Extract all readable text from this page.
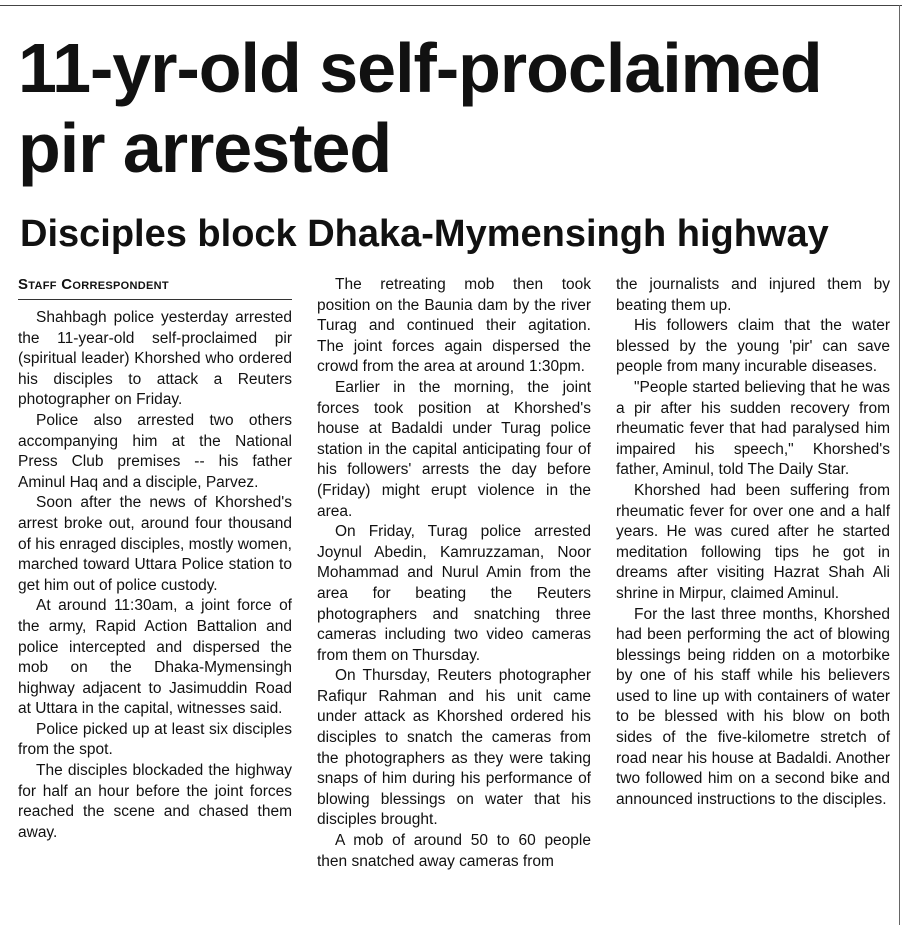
11-yr-old self-proclaimed pir arrested
Disciples block Dhaka-Mymensingh highway
Staff Correspondent

Shahbagh police yesterday arrested the 11-year-old self-proclaimed pir (spiritual leader) Khorshed who ordered his disciples to attack a Reuters photographer on Friday.

Police also arrested two others accompanying him at the National Press Club premises -- his father Aminul Haq and a disciple, Parvez.

Soon after the news of Khorshed's arrest broke out, around four thousand of his enraged disciples, mostly women, marched toward Uttara Police station to get him out of police custody.

At around 11:30am, a joint force of the army, Rapid Action Battalion and police intercepted and dispersed the mob on the Dhaka-Mymensingh highway adjacent to Jasimuddin Road at Uttara in the capital, witnesses said.

Police picked up at least six disciples from the spot.

The disciples blockaded the highway for half an hour before the joint forces reached the scene and chased them away.

The retreating mob then took position on the Baunia dam by the river Turag and continued their agitation. The joint forces again dispersed the crowd from the area at around 1:30pm.

Earlier in the morning, the joint forces took position at Khorshed's house at Badaldi under Turag police station in the capital anticipating four of his followers' arrests the day before (Friday) might erupt violence in the area.

On Friday, Turag police arrested Joynul Abedin, Kamruzzaman, Noor Mohammad and Nurul Amin from the area for beating the Reuters photographers and snatching three cameras including two video cameras from them on Thursday.

On Thursday, Reuters photographer Rafiqur Rahman and his unit came under attack as Khorshed ordered his disciples to snatch the cameras from the photographers as they were taking snaps of him during his performance of blowing blessings on water that his disciples brought.

A mob of around 50 to 60 people then snatched away cameras from

the journalists and injured them by beating them up.

His followers claim that the water blessed by the young 'pir' can save people from many incurable diseases.

"People started believing that he was a pir after his sudden recovery from rheumatic fever that had paralysed him impaired his speech," Khorshed's father, Aminul, told The Daily Star.

Khorshed had been suffering from rheumatic fever for over one and a half years. He was cured after he started meditation following tips he got in dreams after visiting Hazrat Shah Ali shrine in Mirpur, claimed Aminul.

For the last three months, Khorshed had been performing the act of blowing blessings being ridden on a motorbike by one of his staff while his believers used to line up with containers of water to be blessed with his blow on both sides of the five-kilometre stretch of road near his house at Badaldi. Another two followed him on a second bike and announced instructions to the disciples.
